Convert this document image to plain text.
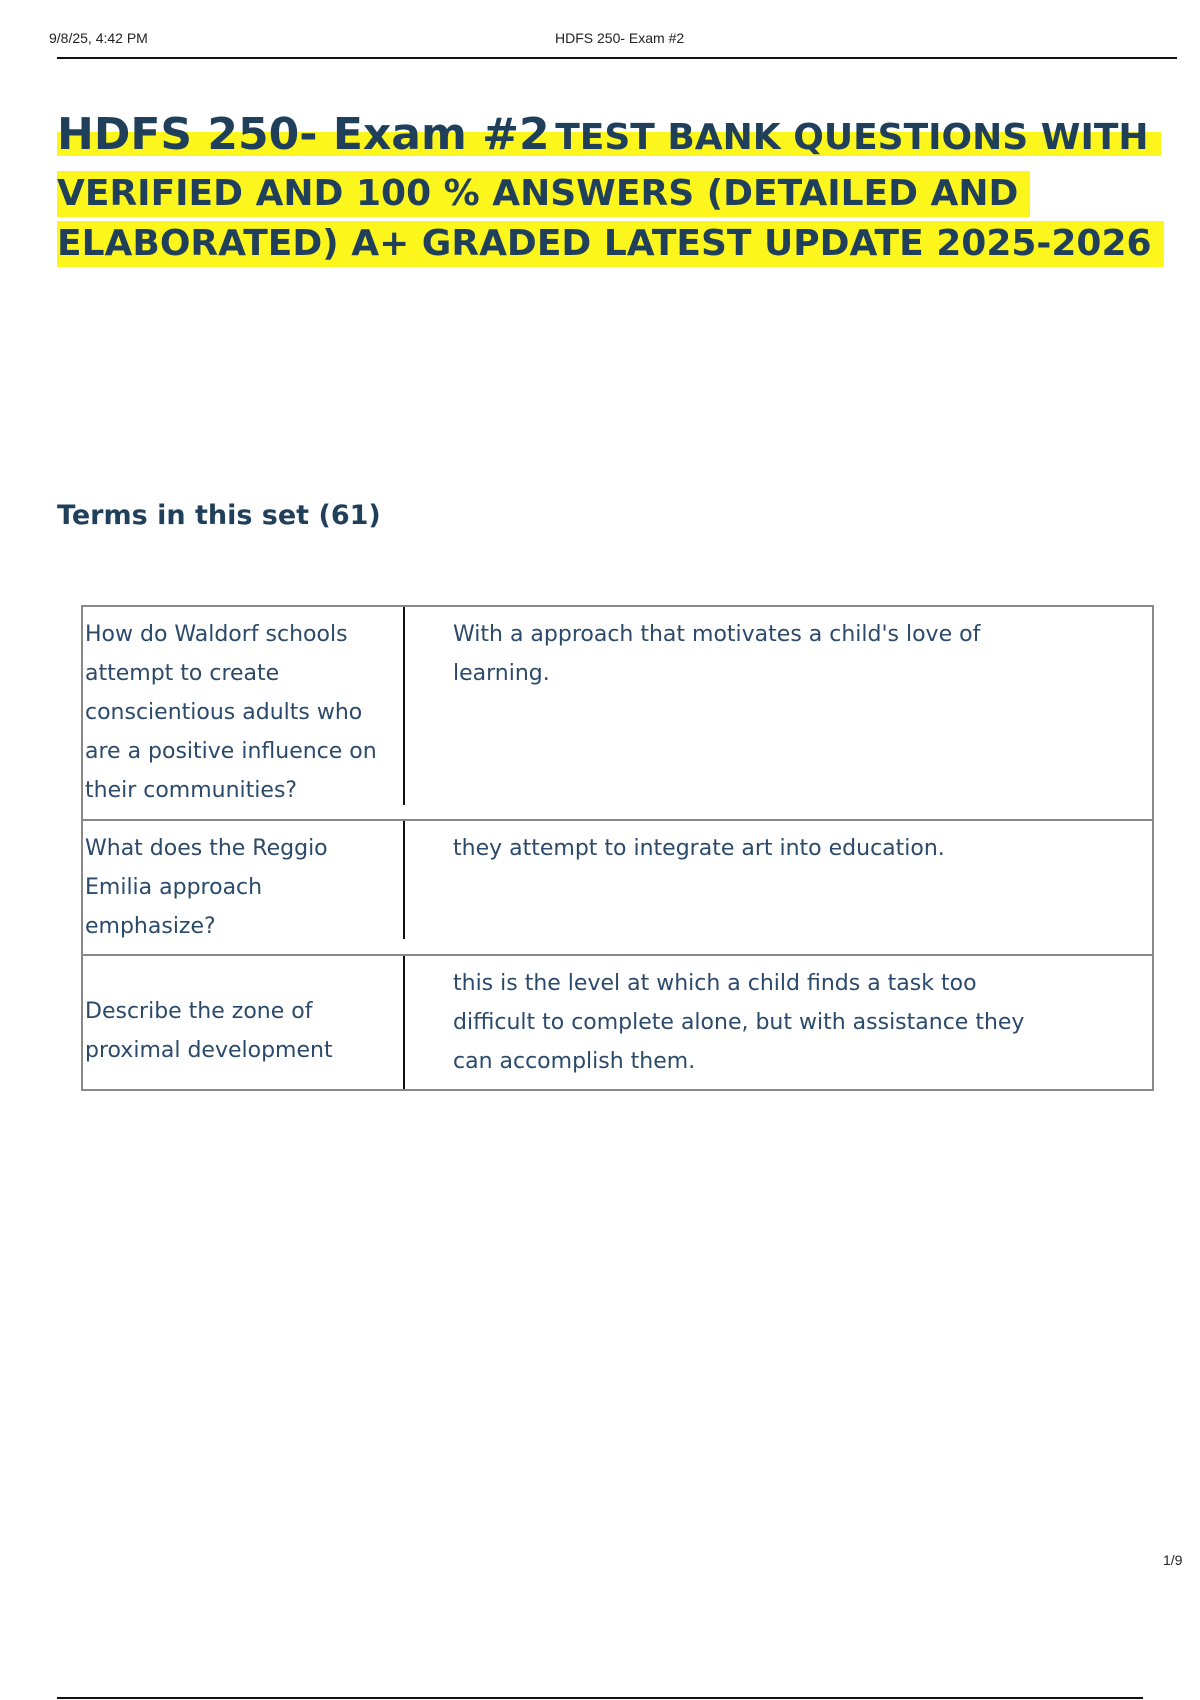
9/8/25, 4:42 PM	HDFS 250- Exam #2
HDFS 250- Exam #2 TEST BANK QUESTIONS WITH
VERIFIED AND 100 % ANSWERS (DETAILED AND
ELABORATED) A+ GRADED LATEST UPDATE 2025-2026
Terms in this set (61)
How do Waldorf schools attempt to create conscientious adults who are a positive influence on their communities?
With a approach that motivates a child's love of learning.
What does the Reggio Emilia approach emphasize?
they attempt to integrate art into education.
Describe the zone of proximal development
this is the level at which a child finds a task too difficult to complete alone, but with assistance they can accomplish them.
1/9
